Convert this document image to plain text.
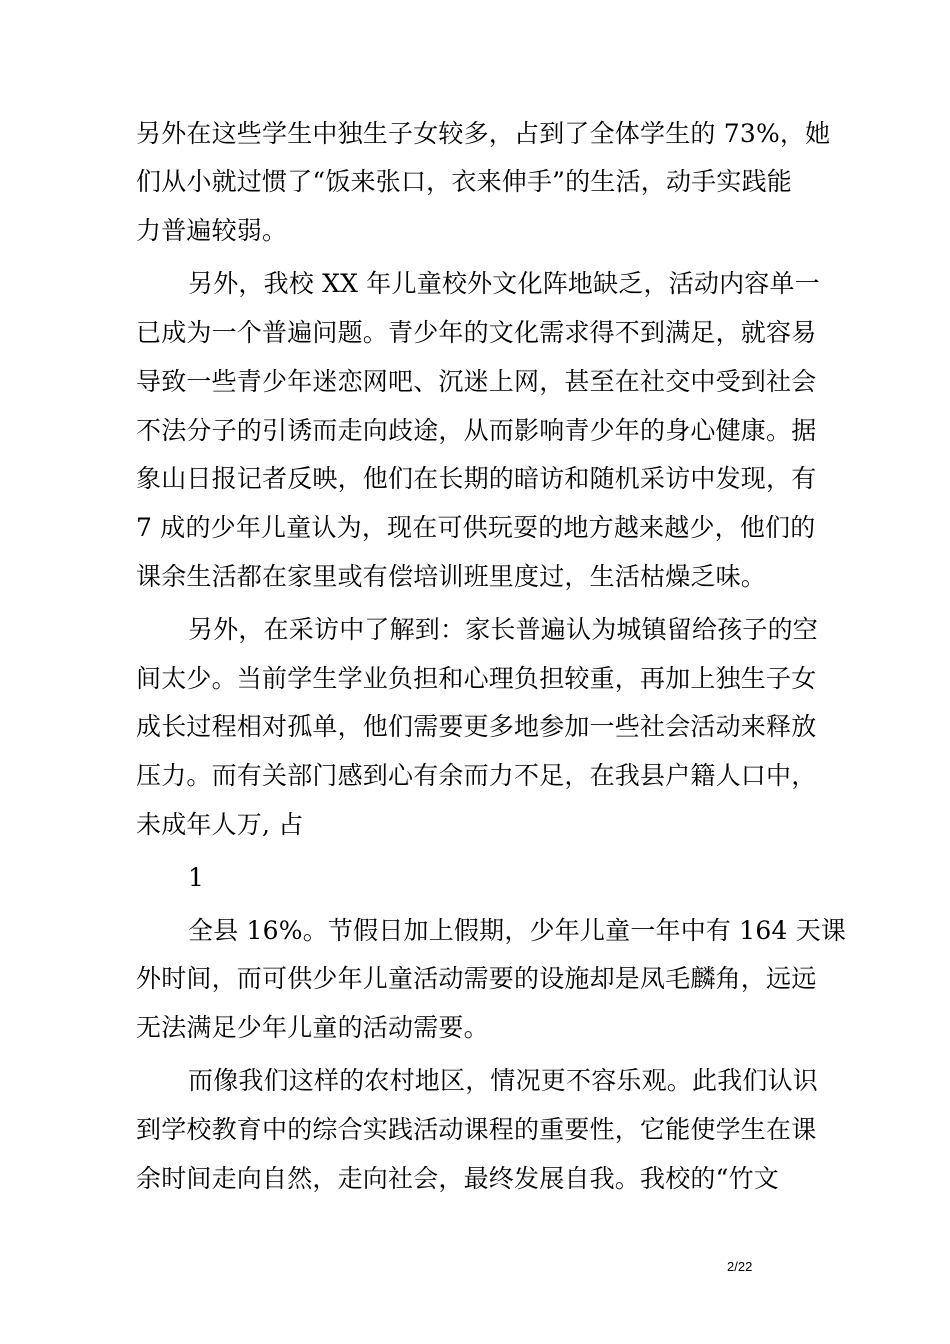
另外在这些学生中独生子女较多，占到了全体学生的 73%，她
们从小就过惯了“饭来张口，衣来伸手”的生活，动手实践能
力普遍较弱。
另外，我校 XX 年儿童校外文化阵地缺乏，活动内容单一
已成为一个普遍问题。青少年的文化需求得不到满足，就容易
导致一些青少年迷恋网吧、沉迷上网，甚至在社交中受到社会
不法分子的引诱而走向歧途，从而影响青少年的身心健康。据
象山日报记者反映，他们在长期的暗访和随机采访中发现，有
7 成的少年儿童认为，现在可供玩耍的地方越来越少，他们的
课余生活都在家里或有偿培训班里度过，生活枯燥乏味。
另外，在采访中了解到：家长普遍认为城镇留给孩子的空
间太少。当前学生学业负担和心理负担较重，再加上独生子女
成长过程相对孤单，他们需要更多地参加一些社会活动来释放
压力。而有关部门感到心有余而力不足，在我县户籍人口中，
未成年人万, 占
1
全县 16%。节假日加上假期，少年儿童一年中有 164 天课
外时间，而可供少年儿童活动需要的设施却是凤毛麟角，远远
无法满足少年儿童的活动需要。
而像我们这样的农村地区，情况更不容乐观。此我们认识
到学校教育中的综合实践活动课程的重要性，它能使学生在课
余时间走向自然，走向社会，最终发展自我。我校的“竹文
2/22
